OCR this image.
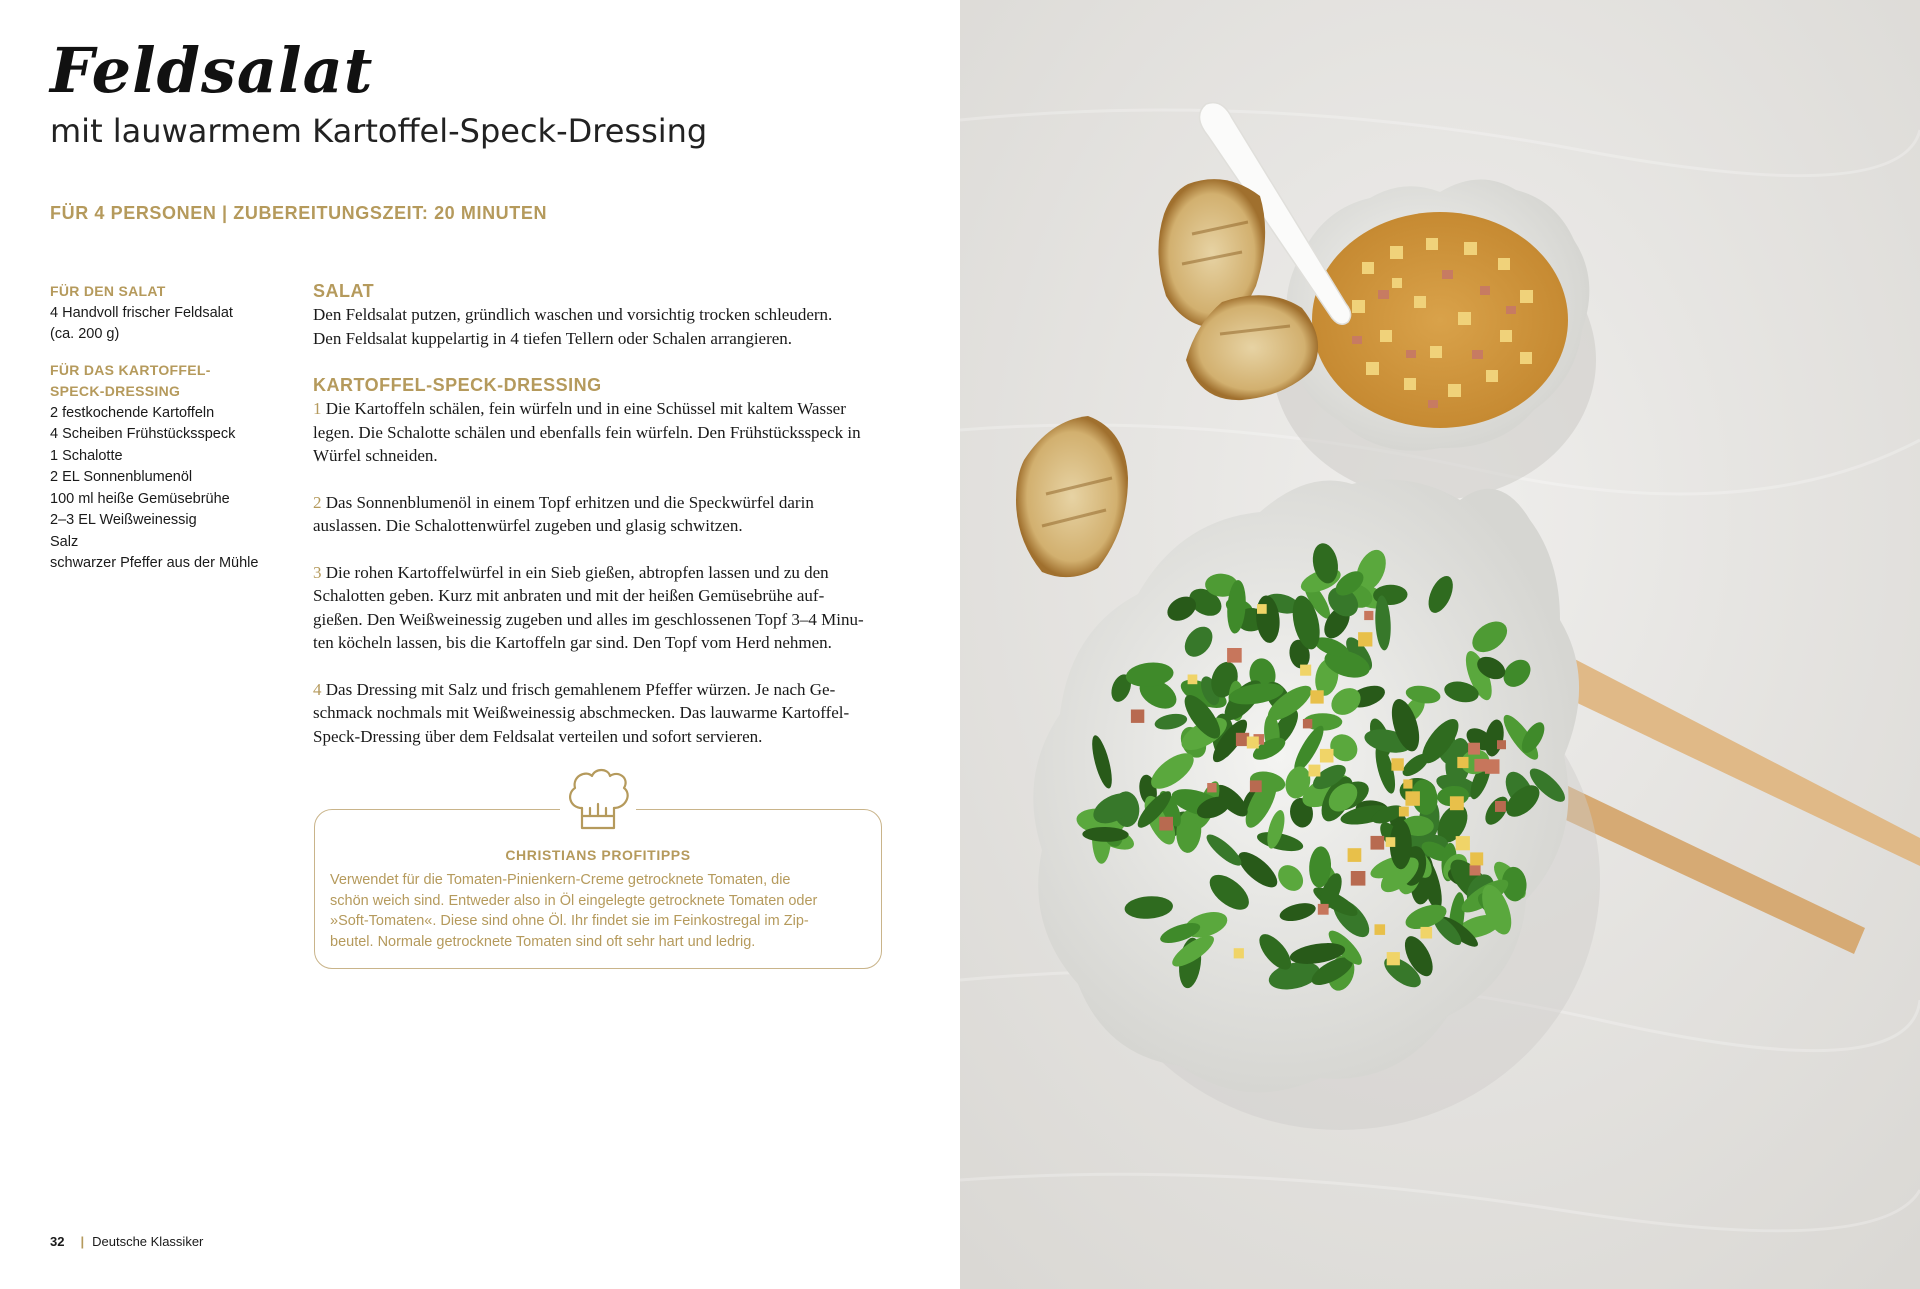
Feldsalat
mit lauwarmem Kartoffel-Speck-Dressing
FÜR 4 PERSONEN | ZUBEREITUNGSZEIT: 20 MINUTEN
FÜR DEN SALAT
4 Handvoll frischer Feldsalat
(ca. 200 g)
FÜR DAS KARTOFFEL-
SPECK-DRESSING
2 festkochende Kartoffeln
4 Scheiben Frühstücksspeck
1 Schalotte
2 EL Sonnenblumenöl
100 ml heiße Gemüsebrühe
2–3 EL Weißweinessig
Salz
schwarzer Pfeffer aus der Mühle
SALAT
Den Feldsalat putzen, gründlich waschen und vorsichtig trocken schleudern.
Den Feldsalat kuppelartig in 4 tiefen Tellern oder Schalen arrangieren.
KARTOFFEL-SPECK-DRESSING
1 Die Kartoffeln schälen, fein würfeln und in eine Schüssel mit kaltem Wasser
legen. Die Schalotte schälen und ebenfalls fein würfeln. Den Frühstücksspeck in
Würfel schneiden.
2 Das Sonnenblumenöl in einem Topf erhitzen und die Speckwürfel darin
auslassen. Die Schalottenwürfel zugeben und glasig schwitzen.
3 Die rohen Kartoffelwürfel in ein Sieb gießen, abtropfen lassen und zu den
Schalotten geben. Kurz mit anbraten und mit der heißen Gemüsebrühe auf-
gießen. Den Weißweinessig zugeben und alles im geschlossenen Topf 3–4 Minu-
ten köcheln lassen, bis die Kartoffeln gar sind. Den Topf vom Herd nehmen.
4 Das Dressing mit Salz und frisch gemahlenem Pfeffer würzen. Je nach Ge-
schmack nochmals mit Weißweinessig abschmecken. Das lauwarme Kartoffel-
Speck-Dressing über dem Feldsalat verteilen und sofort servieren.
CHRISTIANS PROFITIPPS
Verwendet für die Tomaten-Pinienkern-Creme getrocknete Tomaten, die
schön weich sind. Entweder also in Öl eingelegte getrocknete Tomaten oder
»Soft-Tomaten«. Diese sind ohne Öl. Ihr findet sie im Feinkostregal im Zip-
beutel. Normale getrocknete Tomaten sind oft sehr hart und ledrig.
32 | Deutsche Klassiker
